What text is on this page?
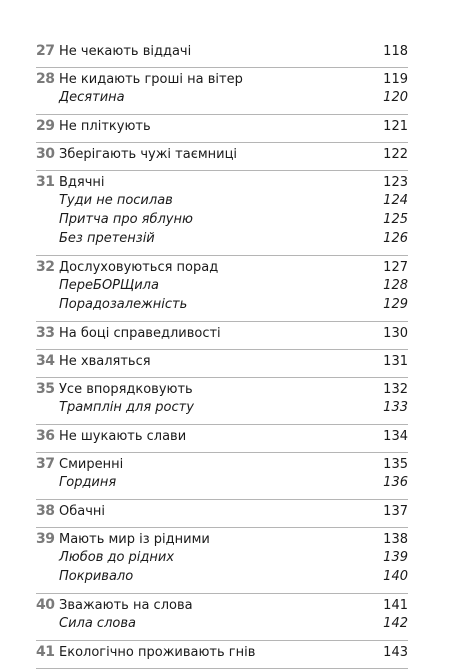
27 Не чекають віддачі	118
28 Не кидають гроші на вітер	119
Десятина	120
29 Не пліткують	121
30 Зберігають чужі таємниці	122
31 Вдячні	123
Туди не посилав	124
Притча про яблуню	125
Без претензій	126
32 Дослуховуються порад	127
ПереБОРЩила	128
Порадозалежність	129
33 На боці справедливості	130
34 Не хваляться	131
35 Усе впорядковують	132
Трамплін для росту	133
36 Не шукають слави	134
37 Смиренні	135
Гординя	136
38 Обачні	137
39 Мають мир із рідними	138
Любов до рідних	139
Покривало	140
40 Зважають на слова	141
Сила слова	142
41 Екологічно проживають гнів	143
